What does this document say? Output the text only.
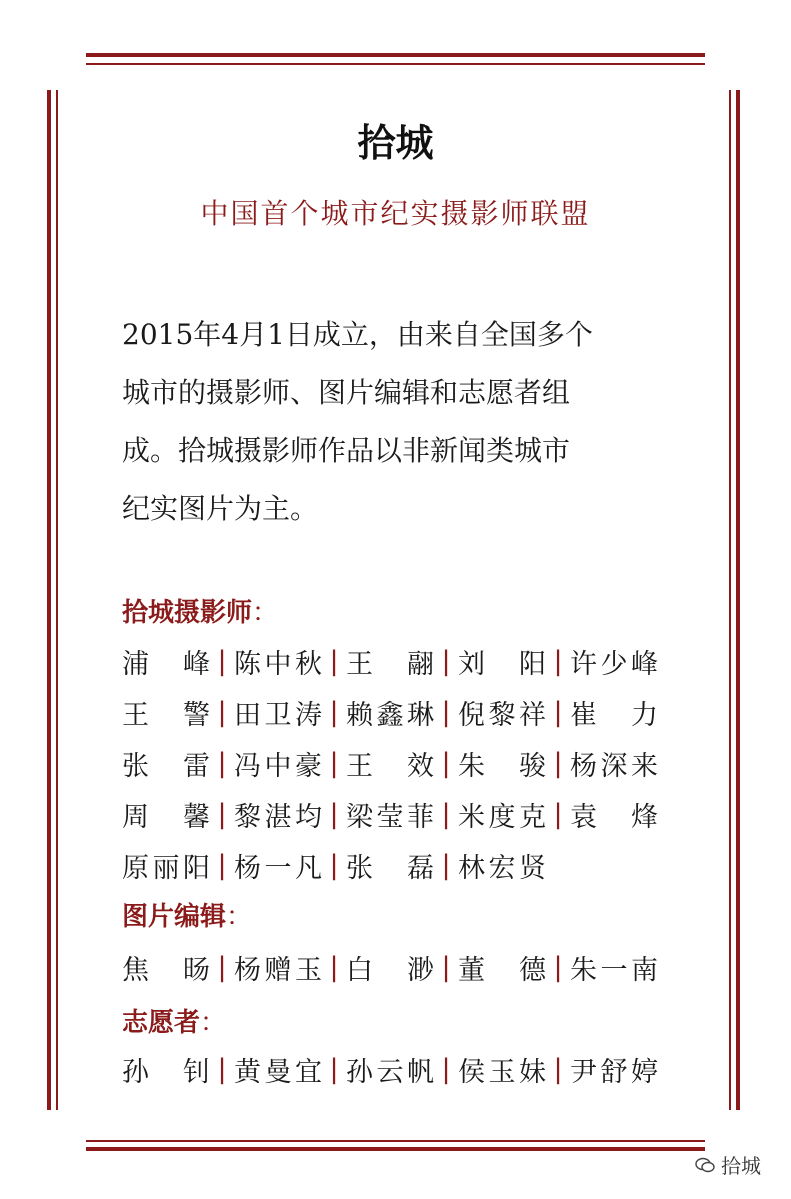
拾城
中国首个城市纪实摄影师联盟
2015年4月1日成立，由来自全国多个
城市的摄影师、图片编辑和志愿者组
成。拾城摄影师作品以非新闻类城市
纪实图片为主。
拾城摄影师：
浦峰 | 陈中秋 | 王翮 | 刘阳 | 许少峰
王警 | 田卫涛 | 赖鑫琳 | 倪黎祥 | 崔力
张雷 | 冯中豪 | 王效 | 朱骏 | 杨深来
周馨 | 黎湛均 | 梁莹菲 | 米度克 | 袁烽
原丽阳 | 杨一凡 | 张磊 | 林宏贤
图片编辑：
焦旸 | 杨赠玉 | 白渺 | 董德 | 朱一南
志愿者：
孙钊 | 黄曼宜 | 孙云帆 | 侯玉妹 | 尹舒婷
拾城
